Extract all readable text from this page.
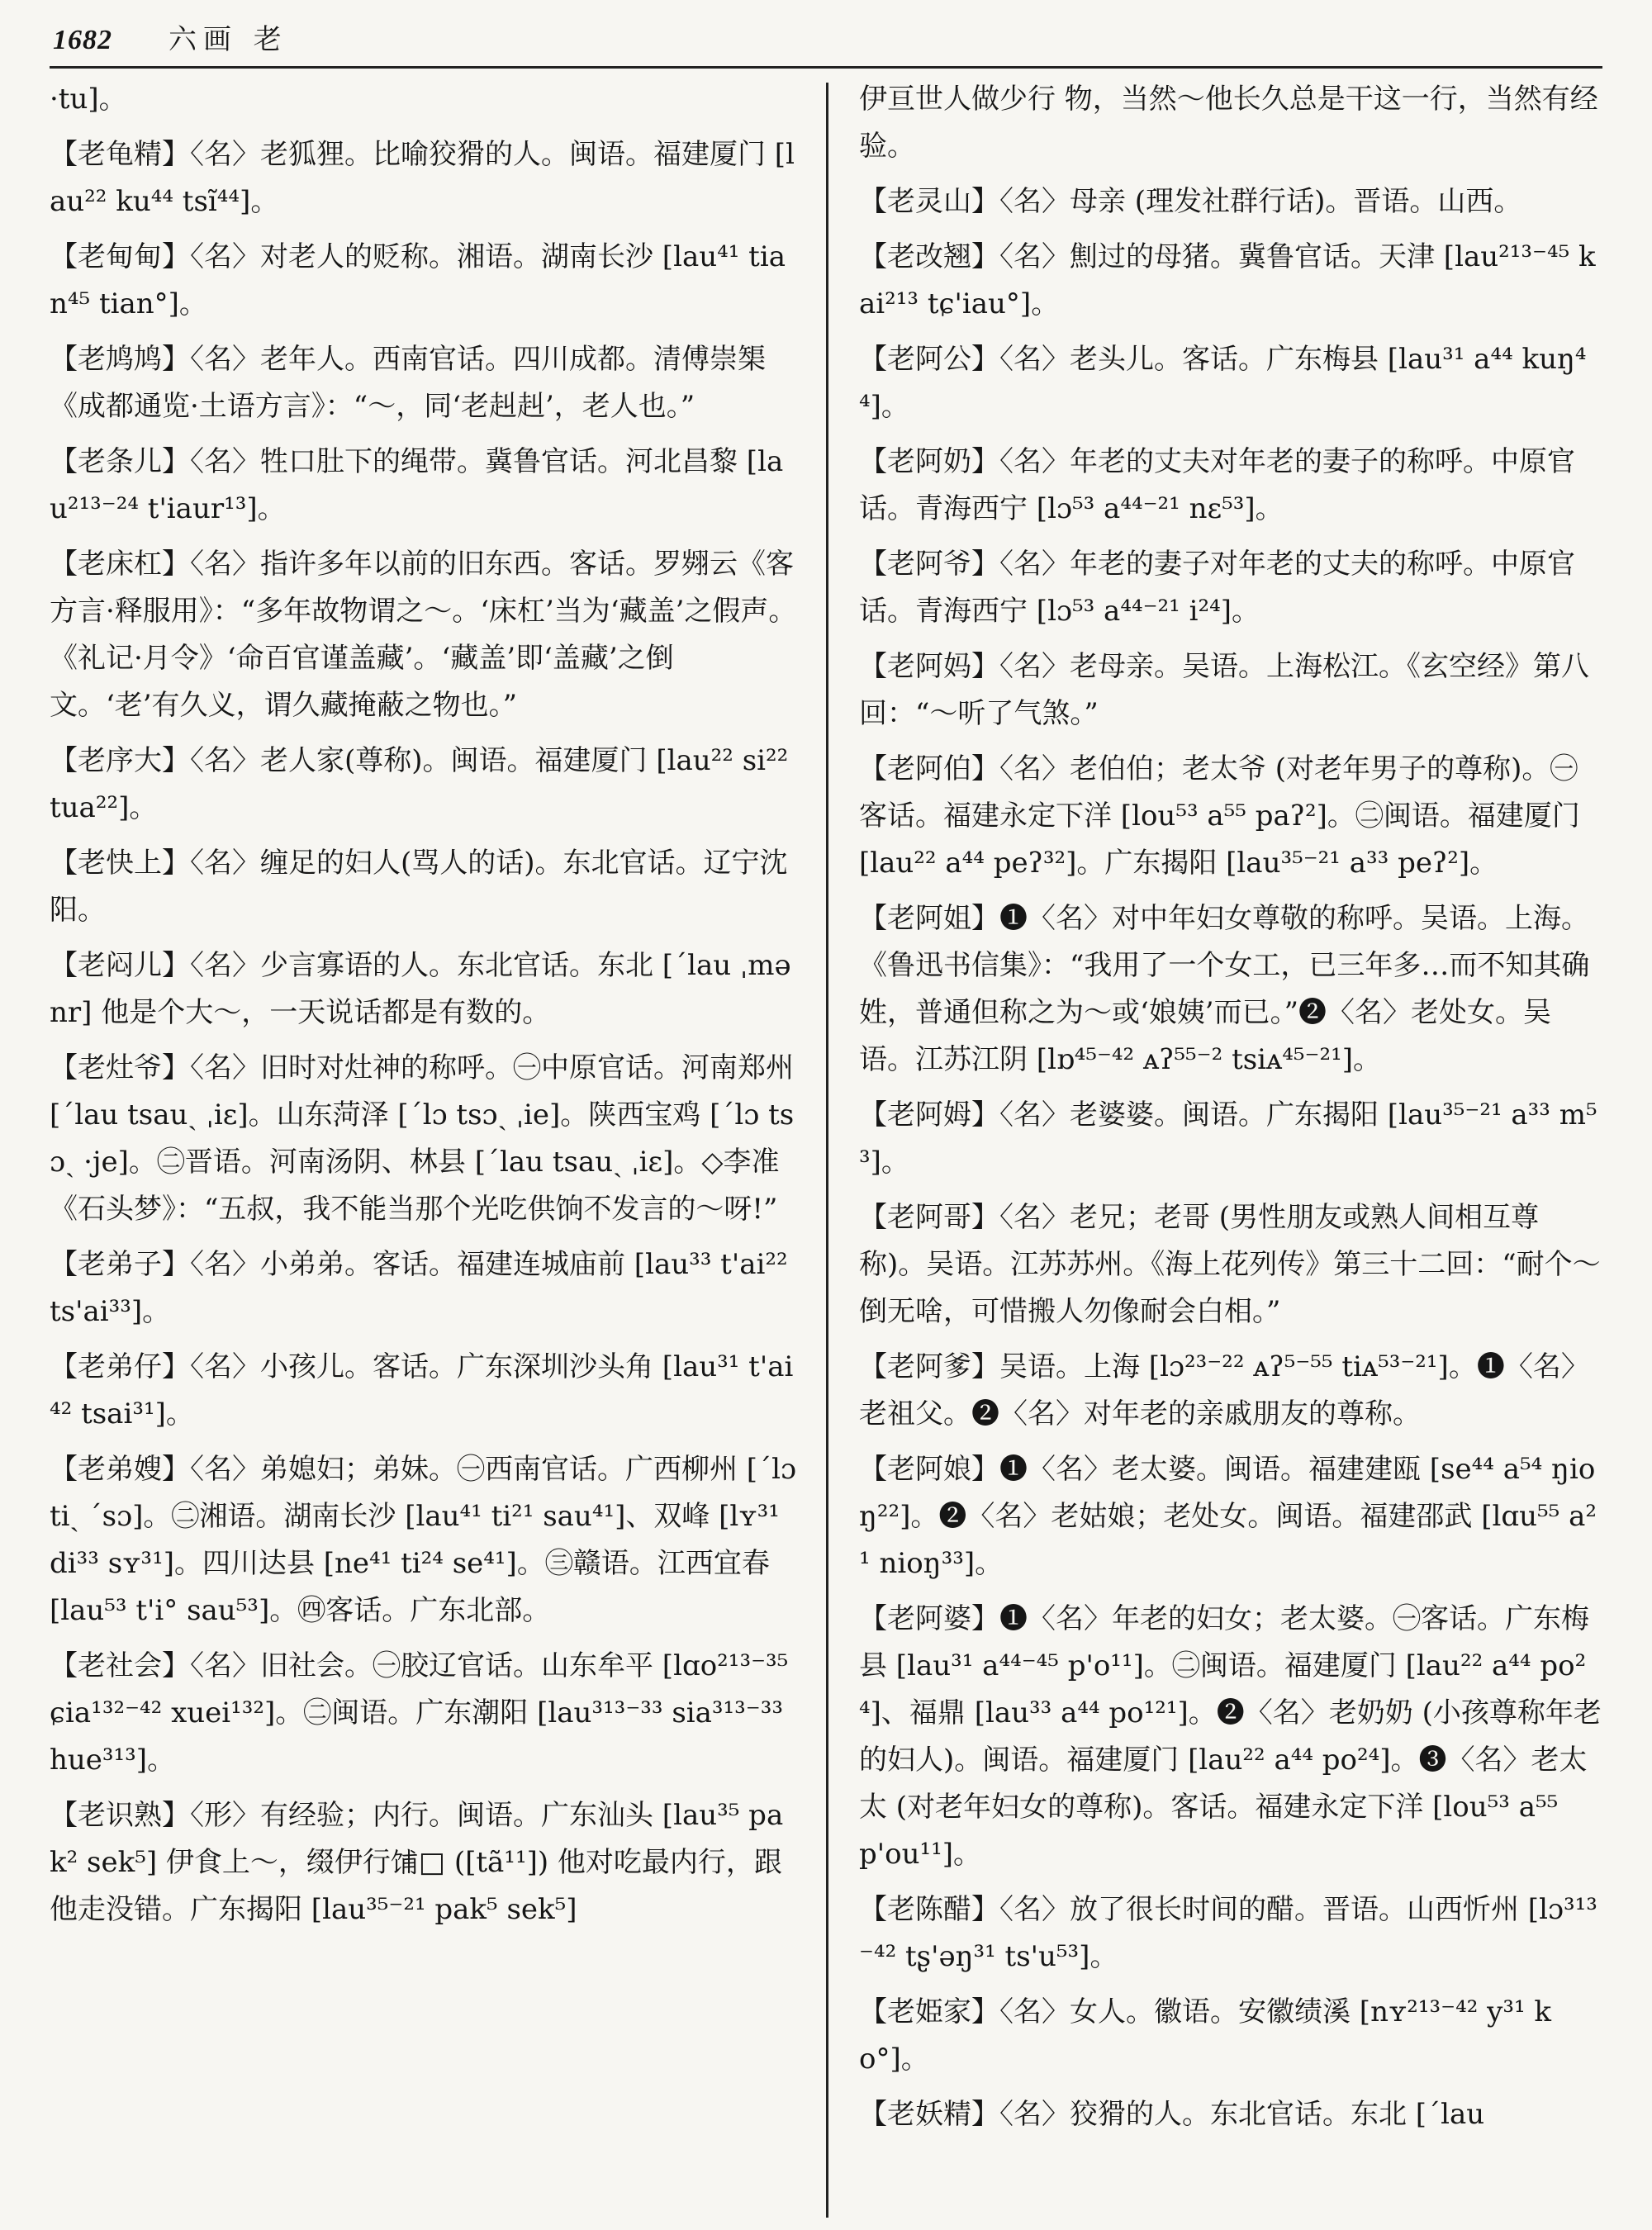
1682 六画 老

·tu]。

【老龟精】〈名〉老狐狸。比喻狡猾的人。闽语。福建厦门 [lau²² ku⁴⁴ tsĩ⁴⁴]。

【老甸甸】〈名〉对老人的贬称。湘语。湖南长沙 [lau⁴¹ tian⁴⁵ tian°]。

【老鸠鸠】〈名〉老年人。西南官话。四川成都。清傅崇榘《成都通览·土语方言》：“～，同‘老赳赳’，老人也。”

【老条儿】〈名〉牲口肚下的绳带。冀鲁官话。河北昌黎 [lau²¹³⁻²⁴ t'iaur¹³]。

【老床杠】〈名〉指许多年以前的旧东西。客话。罗翙云《客方言·释服用》：“多年故物谓之～。‘床杠’当为‘藏盖’之假声。《礼记·月令》‘命百官谨盖藏’。‘藏盖’即‘盖藏’之倒文。‘老’有久义，谓久藏掩蔽之物也。”

【老序大】〈名〉老人家(尊称)。闽语。福建厦门 [lau²² si²² tua²²]。

【老快上】〈名〉缠足的妇人(骂人的话)。东北官话。辽宁沈阳。

【老闷儿】〈名〉少言寡语的人。东北官话。东北 [ˊlau ˌmənr] 他是个大～，一天说话都是有数的。

【老灶爷】〈名〉旧时对灶神的称呼。㊀中原官话。河南郑州 [ˊlau tsauˎ ˌiɛ]。山东菏泽 [ˊlɔ tsɔˎ ˌie]。陕西宝鸡 [ˊlɔ tsɔˎ ·je]。㊁晋语。河南汤阴、林县 [ˊlau tsauˎ ˌiɛ]。◇李准《石头梦》：“五叔，我不能当那个光吃供饷不发言的～呀!”

【老弟子】〈名〉小弟弟。客话。福建连城庙前 [lau³³ t'ai²² ts'ai³³]。

【老弟仔】〈名〉小孩儿。客话。广东深圳沙头角 [lau³¹ t'ai⁴² tsai³¹]。

【老弟嫂】〈名〉弟媳妇；弟妹。㊀西南官话。广西柳州 [ˊlɔ tiˎ ˊsɔ]。㊁湘语。湖南长沙 [lau⁴¹ ti²¹ sau⁴¹]、双峰 [lʏ³¹ di³³ sʏ³¹]。四川达县 [ne⁴¹ ti²⁴ se⁴¹]。㊂赣语。江西宜春 [lau⁵³ t'i° sau⁵³]。㊃客话。广东北部。

【老社会】〈名〉旧社会。㊀胶辽官话。山东牟平 [lɑo²¹³⁻³⁵ ɕia¹³²⁻⁴² xuei¹³²]。㊁闽语。广东潮阳 [lau³¹³⁻³³ sia³¹³⁻³³ hue³¹³]。

【老识熟】〈形〉有经验；内行。闽语。广东汕头 [lau³⁵ pak² sek⁵] 伊食上～，缀伊行𫗦□ ([tã¹¹]) 他对吃最内行，跟他走没错。广东揭阳 [lau³⁵⁻²¹ pak⁵ sek⁵]

伊亘世人做少行 物，当然～他长久总是干这一行，当然有经验。

【老灵山】〈名〉母亲 (理发社群行话)。晋语。山西。

【老改翘】〈名〉劁过的母猪。冀鲁官话。天津 [lau²¹³⁻⁴⁵ kai²¹³ tɕ'iau°]。

【老阿公】〈名〉老头儿。客话。广东梅县 [lau³¹ a⁴⁴ kuŋ⁴⁴]。

【老阿奶】〈名〉年老的丈夫对年老的妻子的称呼。中原官话。青海西宁 [lɔ⁵³ a⁴⁴⁻²¹ nɛ⁵³]。

【老阿爷】〈名〉年老的妻子对年老的丈夫的称呼。中原官话。青海西宁 [lɔ⁵³ a⁴⁴⁻²¹ i²⁴]。

【老阿妈】〈名〉老母亲。吴语。上海松江。《玄空经》第八回：“～听了气煞。”

【老阿伯】〈名〉老伯伯；老太爷 (对老年男子的尊称)。㊀客话。福建永定下洋 [lou⁵³ a⁵⁵ paʔ²]。㊁闽语。福建厦门 [lau²² a⁴⁴ peʔ³²]。广东揭阳 [lau³⁵⁻²¹ a³³ peʔ²]。

【老阿姐】❶〈名〉对中年妇女尊敬的称呼。吴语。上海。《鲁迅书信集》：“我用了一个女工，已三年多…而不知其确姓，普通但称之为～或‘娘姨’而已。”❷〈名〉老处女。吴语。江苏江阴 [lɒ⁴⁵⁻⁴² ᴀʔ⁵⁵⁻² tsiᴀ⁴⁵⁻²¹]。

【老阿姆】〈名〉老婆婆。闽语。广东揭阳 [lau³⁵⁻²¹ a³³ m⁵³]。

【老阿哥】〈名〉老兄；老哥 (男性朋友或熟人间相互尊称)。吴语。江苏苏州。《海上花列传》第三十二回：“耐个～倒无啥，可惜搬人勿像耐会白相。”

【老阿爹】吴语。上海 [lɔ²³⁻²² ᴀʔ⁵⁻⁵⁵ tiᴀ⁵³⁻²¹]。❶〈名〉老祖父。❷〈名〉对年老的亲戚朋友的尊称。

【老阿娘】❶〈名〉老太婆。闽语。福建建瓯 [se⁴⁴ a⁵⁴ ŋioŋ²²]。❷〈名〉老姑娘；老处女。闽语。福建邵武 [lɑu⁵⁵ a²¹ nioŋ³³]。

【老阿婆】❶〈名〉年老的妇女；老太婆。㊀客话。广东梅县 [lau³¹ a⁴⁴⁻⁴⁵ p'o¹¹]。㊁闽语。福建厦门 [lau²² a⁴⁴ po²⁴]、福鼎 [lau³³ a⁴⁴ po¹²¹]。❷〈名〉老奶奶 (小孩尊称年老的妇人)。闽语。福建厦门 [lau²² a⁴⁴ po²⁴]。❸〈名〉老太太 (对老年妇女的尊称)。客话。福建永定下洋 [lou⁵³ a⁵⁵ p'ou¹¹]。

【老陈醋】〈名〉放了很长时间的醋。晋语。山西忻州 [lɔ³¹³⁻⁴² tʂ'əŋ³¹ ts'u⁵³]。

【老姫家】〈名〉女人。徽语。安徽绩溪 [nʏ²¹³⁻⁴² y³¹ ko°]。

【老妖精】〈名〉狡猾的人。东北官话。东北 [ˊlau
